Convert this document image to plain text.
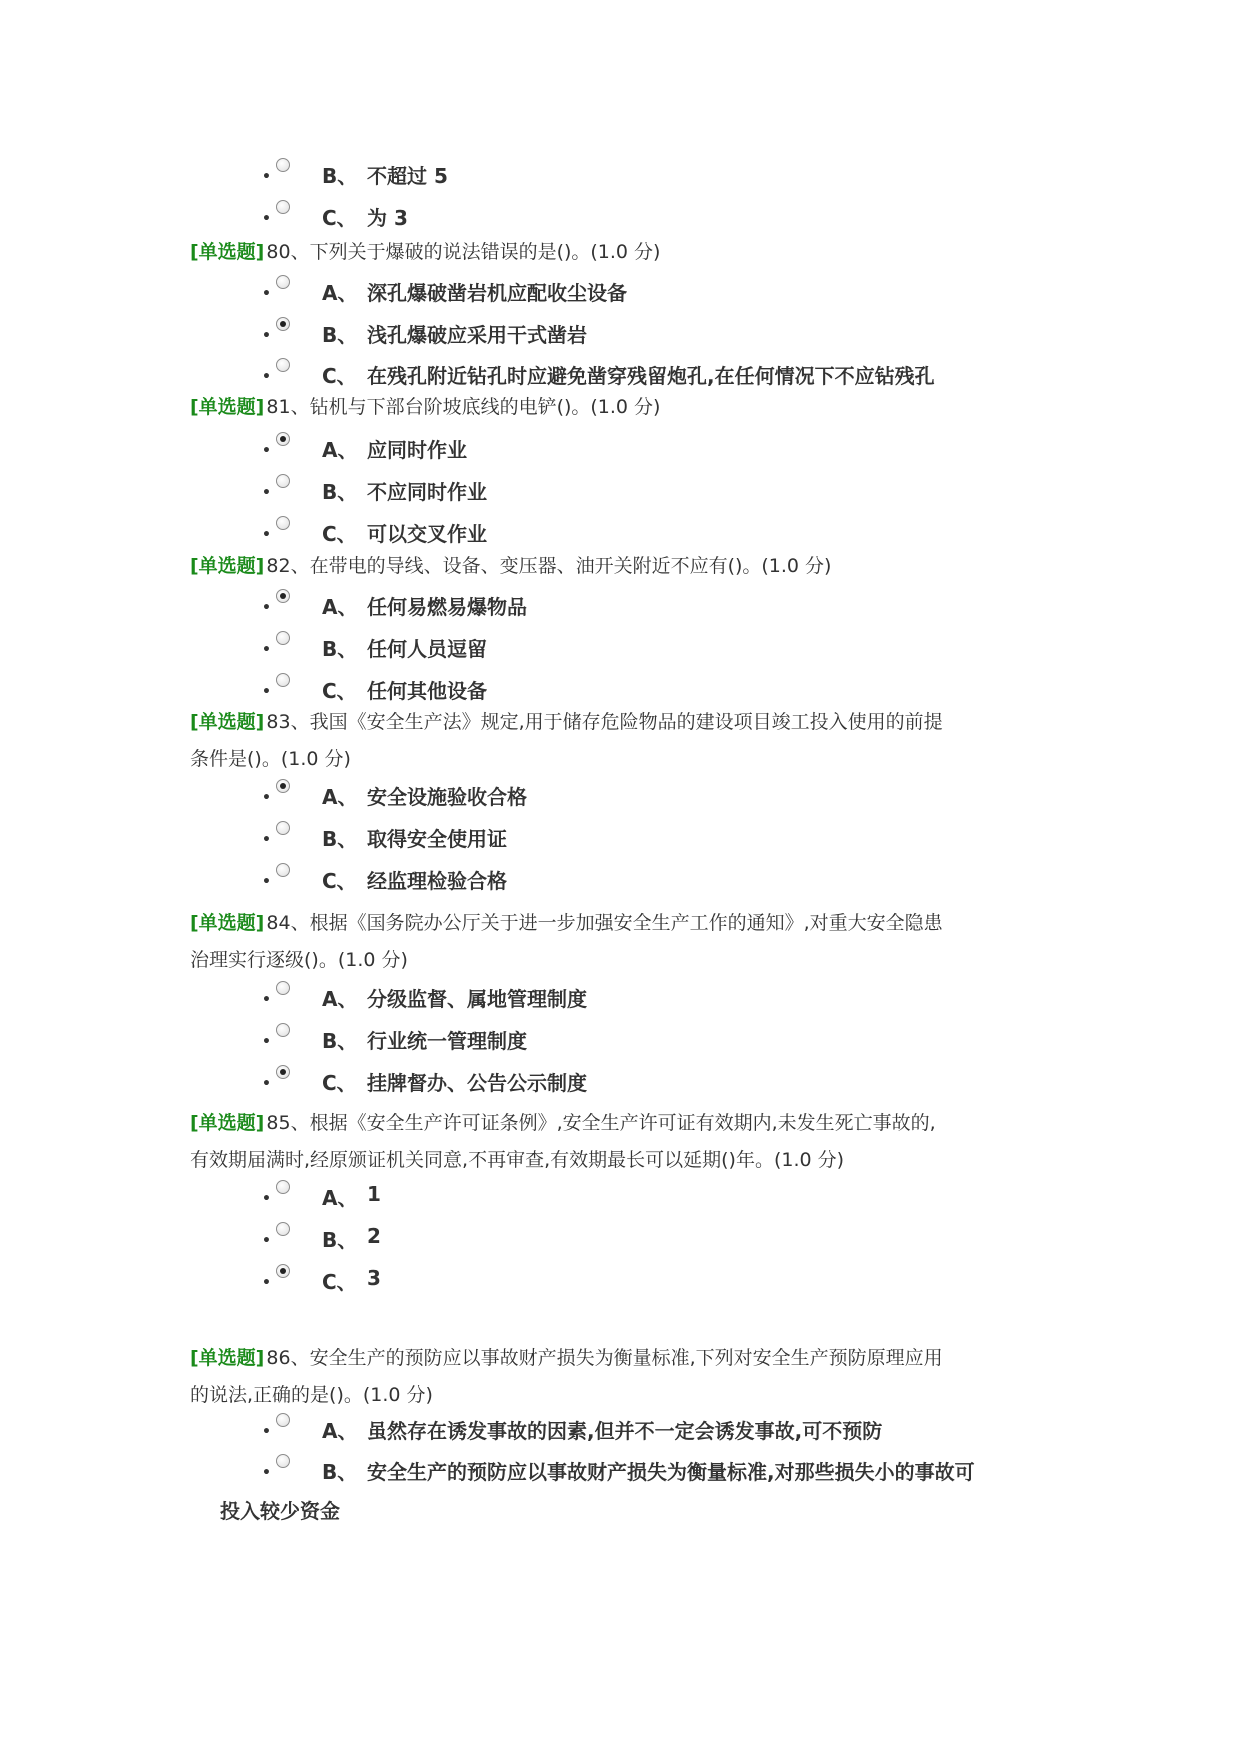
•	B、 不超过 5
•	C、 为 3
[单选题] 80、下列关于爆破的说法错误的是()。(1.0 分)
•	A、 深孔爆破凿岩机应配收尘设备
•	B、 浅孔爆破应采用干式凿岩
•	C、 在残孔附近钻孔时应避免凿穿残留炮孔,在任何情况下不应钻残孔
[单选题] 81、钻机与下部台阶坡底线的电铲()。(1.0 分)
•	A、 应同时作业
•	B、 不应同时作业
•	C、 可以交叉作业
[单选题] 82、在带电的导线、设备、变压器、油开关附近不应有()。(1.0 分)
•	A、 任何易燃易爆物品
•	B、 任何人员逗留
•	C、 任何其他设备
[单选题] 83、我国《安全生产法》规定,用于储存危险物品的建设项目竣工投入使用的前提
条件是()。(1.0 分)
•	A、 安全设施验收合格
•	B、 取得安全使用证
•	C、 经监理检验合格
[单选题] 84、根据《国务院办公厅关于进一步加强安全生产工作的通知》,对重大安全隐患
治理实行逐级()。(1.0 分)
•	A、 分级监督、属地管理制度
•	B、 行业统一管理制度
•	C、 挂牌督办、公告公示制度
[单选题] 85、根据《安全生产许可证条例》,安全生产许可证有效期内,未发生死亡事故的,
有效期届满时,经原颁证机关同意,不再审查,有效期最长可以延期()年。(1.0 分)
•	A、 1
•	B、 2
•	C、 3
[单选题] 86、安全生产的预防应以事故财产损失为衡量标准,下列对安全生产预防原理应用
的说法,正确的是()。(1.0 分)
•	A、 虽然存在诱发事故的因素,但并不一定会诱发事故,可不预防
•	B、 安全生产的预防应以事故财产损失为衡量标准,对那些损失小的事故可
投入较少资金
